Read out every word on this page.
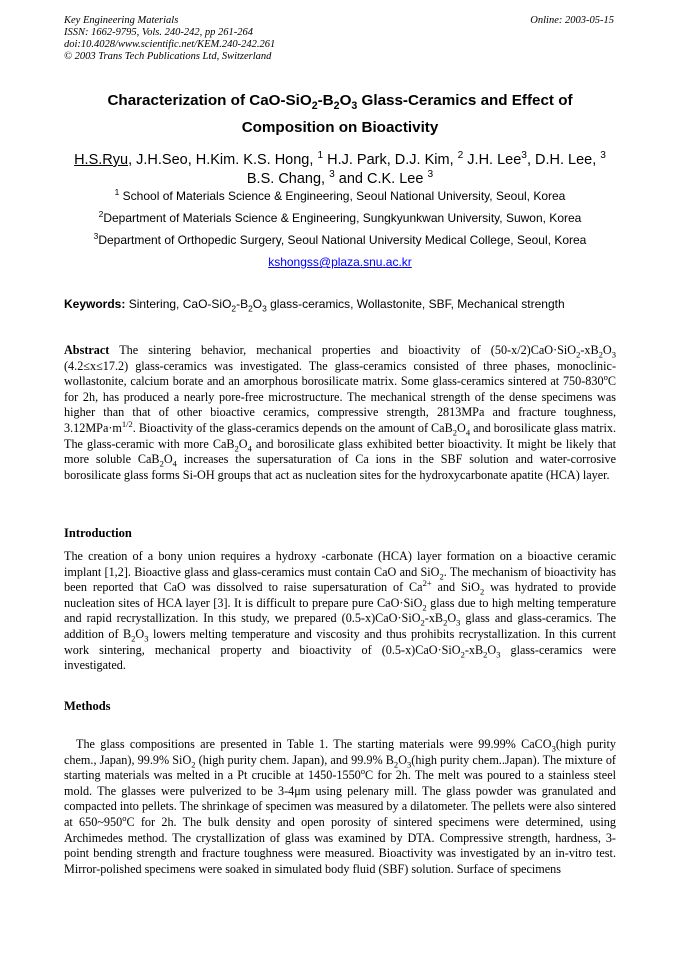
Key Engineering Materials
ISSN: 1662-9795, Vols. 240-242, pp 261-264
doi:10.4028/www.scientific.net/KEM.240-242.261
© 2003 Trans Tech Publications Ltd, Switzerland
Online: 2003-05-15
Characterization of CaO-$SiO_2-B_2O_3$ Glass-Ceramics and Effect of
Composition on Bioactivity
H.S.Ryu, J.H.Seo, H.Kim. K.S. Hong, $^1$ H.J. Park, D.J. Kim, $^2$ J.H. Lee$^3$, D.H. Lee, $^3$ B.S. Chang, $^3$ and C.K. Lee $^3$
$^1$ School of Materials Science & Engineering, Seoul National University, Seoul, Korea
$^2$Department of Materials Science & Engineering, Sungkyunkwan University, Suwon, Korea
$^3$Department of Orthopedic Surgery, Seoul National University Medical College, Seoul, Korea
kshongss@plaza.snu.ac.kr
Keywords: Sintering, CaO-$SiO_2-B_2O_3$ glass-ceramics, Wollastonite, SBF, Mechanical strength
Abstract The sintering behavior, mechanical properties and bioactivity of $(50-x/2)CaO\cdot SiO_2-xB_2O_3$ (4.2≤x≤17.2) glass-ceramics was investigated. The glass-ceramics consisted of three phases, monoclinic-wollastonite, calcium borate and an amorphous borosilicate matrix. Some glass-ceramics sintered at 750-830$^o$C for 2h, has produced a nearly pore-free microstructure. The mechanical strength of the dense specimens was higher than that of other bioactive ceramics, compressive strength, 2813MPa and fracture toughness, $3.12MPa\cdot m^{1/2}$. Bioactivity of the glass-ceramics depends on the amount of $CaB_2O_4$ and borosilicate glass matrix. The glass-ceramic with more $CaB_2O_4$ and borosilicate glass exhibited better bioactivity. It might be likely that more soluble $CaB_2O_4$ increases the supersaturation of Ca ions in the SBF solution and water-corrosive borosilicate glass forms Si-OH groups that act as nucleation sites for the hydroxycarbonate apatite (HCA) layer.
Introduction
The creation of a bony union requires a hydroxy -carbonate (HCA) layer formation on a bioactive ceramic implant [1,2]. Bioactive glass and glass-ceramics must contain CaO and SiO$_2$. The mechanism of bioactivity has been reported that CaO was dissolved to raise supersaturation of $Ca^{2+}$ and SiO$_2$ was hydrated to provide nucleation sites of HCA layer [3]. It is difficult to prepare pure CaO·SiO$_2$ glass due to high melting temperature and rapid recrystallization. In this study, we prepared $(0.5-x)CaO\cdot SiO_2-xB_2O_3$ glass and glass-ceramics. The addition of $B_2O_3$ lowers melting temperature and viscosity and thus prohibits recrystallization. In this current work sintering, mechanical property and bioactivity of $(0.5-x)CaO\cdot SiO_2-xB_2O_3$ glass-ceramics were investigated.
Methods
The glass compositions are presented in Table 1. The starting materials were 99.99% CaCO$_3$(high purity chem., Japan), 99.9% SiO$_2$ (high purity chem. Japan), and 99.9% $B_2O_3(high$ purity chem..Japan). The mixture of starting materials was melted in a Pt crucible at 1450-1550$^o$C for 2h. The melt was poured to a stainless steel mold. The glasses were pulverized to be 3-4μm using pelenary mill. The glass powder was granulated and compacted into pellets. The shrinkage of specimen was measured by a dilatometer. The pellets were also sintered at 650~950$^o$C for 2h. The bulk density and open porosity of sintered specimens were determined, using Archimedes method. The crystallization of glass was examined by DTA. Compressive strength, hardness, 3-point bending strength and fracture toughness were measured. Bioactivity was investigated by an in-vitro test. Mirror-polished specimens were soaked in simulated body fluid (SBF) solution. Surface of specimens
